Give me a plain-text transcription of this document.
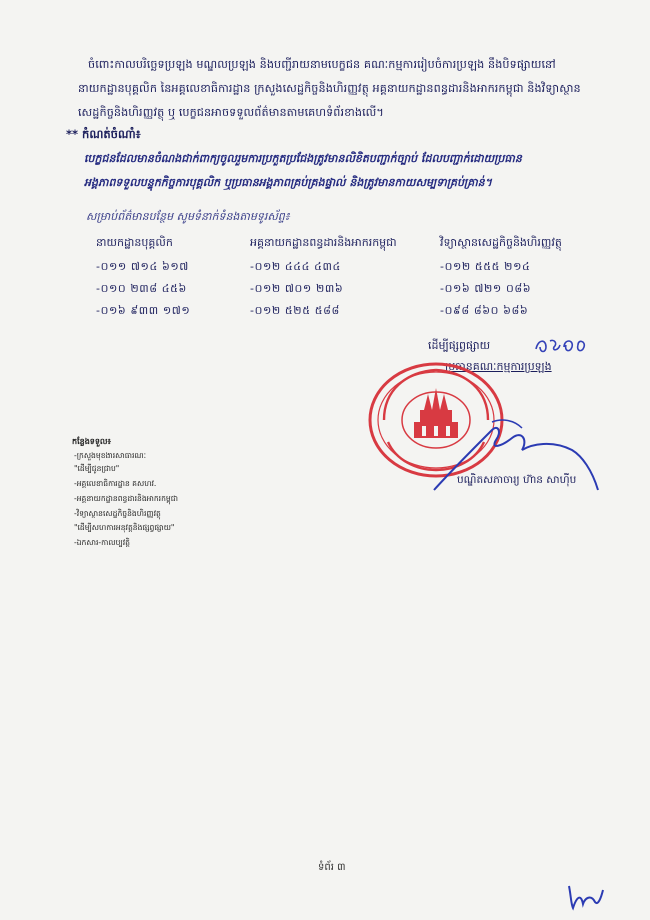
ចំពោះកាលបរិច្ឆេទប្រឡង មណ្ឌលប្រឡង និងបញ្ជីរាយនាមបេក្ខជន គណៈកម្មការរៀបចំការប្រឡង នឹងបិទផ្សាយនៅ
នាយកដ្ឋានបុគ្គលិក នៃអគ្គលេខាធិការដ្ឋាន ក្រសួងសេដ្ឋកិច្ចនិងហិរញ្ញវត្ថុ អគ្គនាយកដ្ឋានពន្ធដារនិងអាករកម្ពុជា និងវិទ្យាស្ថាន
សេដ្ឋកិច្ចនិងហិរញ្ញវត្ថុ ឬ បេក្ខជនអាចទទួលព័ត៌មានតាមគេហទំព័រខាងលើ។
** កំណត់ចំណាំ៖
បេក្ខជនដែលមានចំណងជាក់ពាក្យចូលរួមការប្រកួតប្រជែងត្រូវមានលិខិតបញ្ជាក់ច្បាប់ ដែលបញ្ជាក់ដោយប្រធាន
អង្គភាពទទួលបន្ទុកកិច្ចការបុគ្គលិក ឬប្រធានអង្គភាពគ្រប់គ្រងផ្ទាល់ និងត្រូវមានកាយសម្បទាគ្រប់គ្រាន់។
សម្រាប់ព័ត៌មានបន្ថែម សូមទំនាក់ទំនងតាមទូរស័ព្ទ៖
នាយកដ្ឋានបុគ្គលិក
-០១១ ៧១៤ ៦១៧
-០១០ ២៣៨ ៤៥៦
-០១៦ ៩៣៣ ១៧១
អគ្គនាយកដ្ឋានពន្ធដារនិងអាករកម្ពុជា
-០១២ ៤៤៤ ៤៣៤
-០១២ ៧០១ ២៣៦
-០១២ ៥២៥ ៥៨៨
វិទ្យាស្ថានសេដ្ឋកិច្ចនិងហិរញ្ញវត្ថុ
-០១២ ៥៥៥ ២១៤
-០១៦ ៧២១ ០៨៦
-០៩៨ ៨៦០ ៦៨៦
ដើម្បីផ្សព្វផ្សាយ
ប្រធានគណៈកម្មការប្រឡង
បណ្ឌិតសភាចារ្យ ហ៊ាន សាហ៊ីប
កន្លែងទទួល៖
-ក្រសួងមុខងារសាធារណៈ
"ដើម្បីជូនជ្រាប"
-អគ្គលេខាធិការដ្ឋាន គសហវ.
-អគ្គនាយកដ្ឋានពន្ធដារនិងអាករកម្ពុជា
-វិទ្យាស្ថានសេដ្ឋកិច្ចនិងហិរញ្ញវត្ថុ
"ដើម្បីសហការអនុវត្តនិងផ្សព្វផ្សាយ"
-ឯកសារ-កាលប្បវត្តិ
ទំព័រ ៣
